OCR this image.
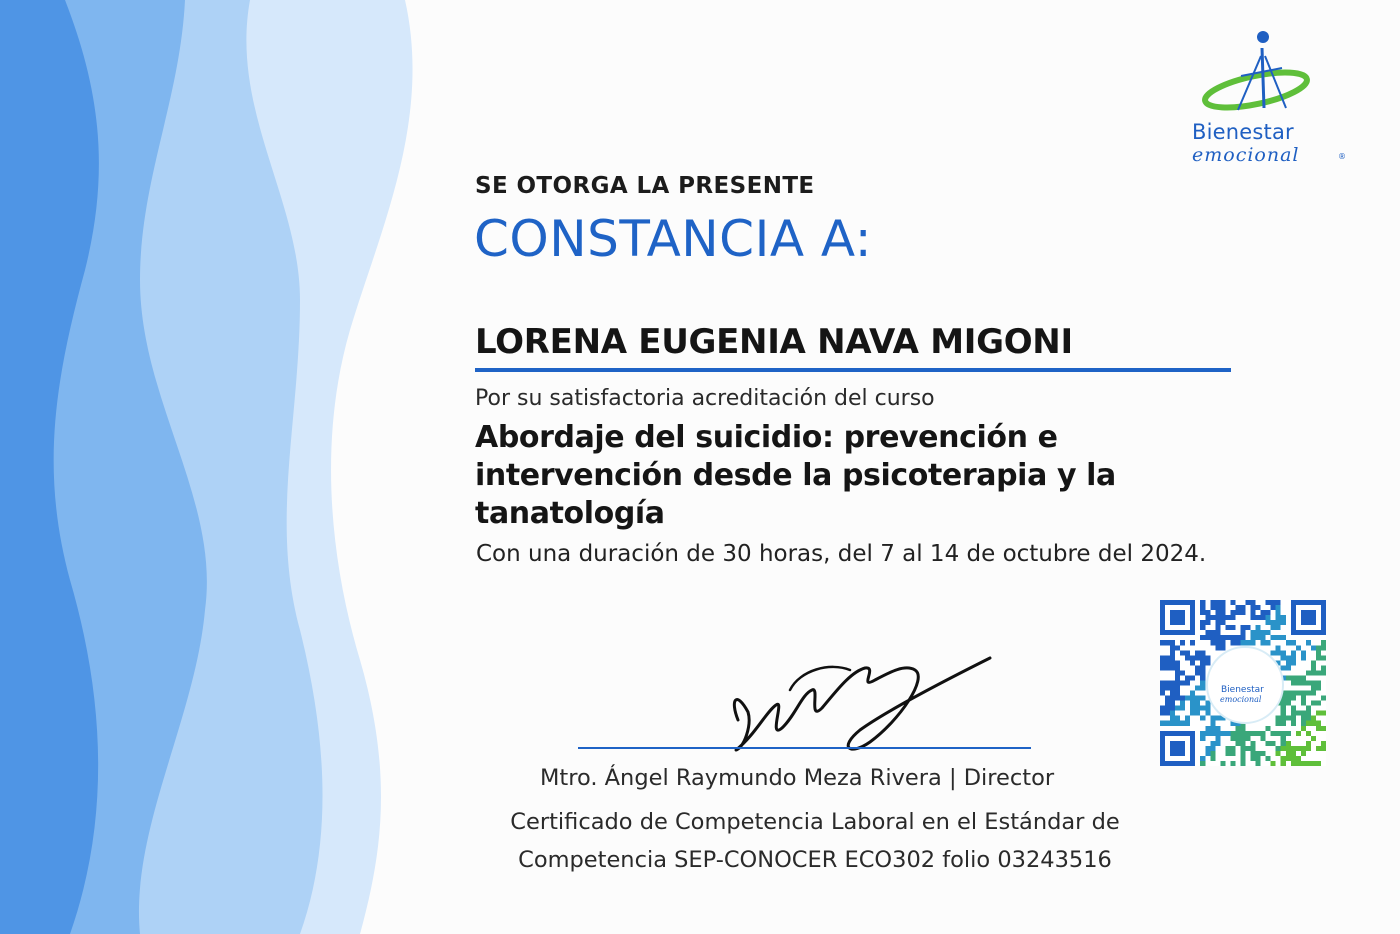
Bienestar
emocional	®
SE OTORGA LA PRESENTE
CONSTANCIA A:
LORENA EUGENIA NAVA MIGONI
Por su satisfactoria acreditación del curso
Abordaje del suicidio: prevención e intervención desde la psicoterapia y la tanatología
Con una duración de 30 horas, del 7 al 14 de octubre del 2024.
Mtro. Ángel Raymundo Meza Rivera | Director
Certificado de Competencia Laboral en el Estándar de Competencia SEP-CONOCER ECO302 folio 03243516
Bienestar
emocional
